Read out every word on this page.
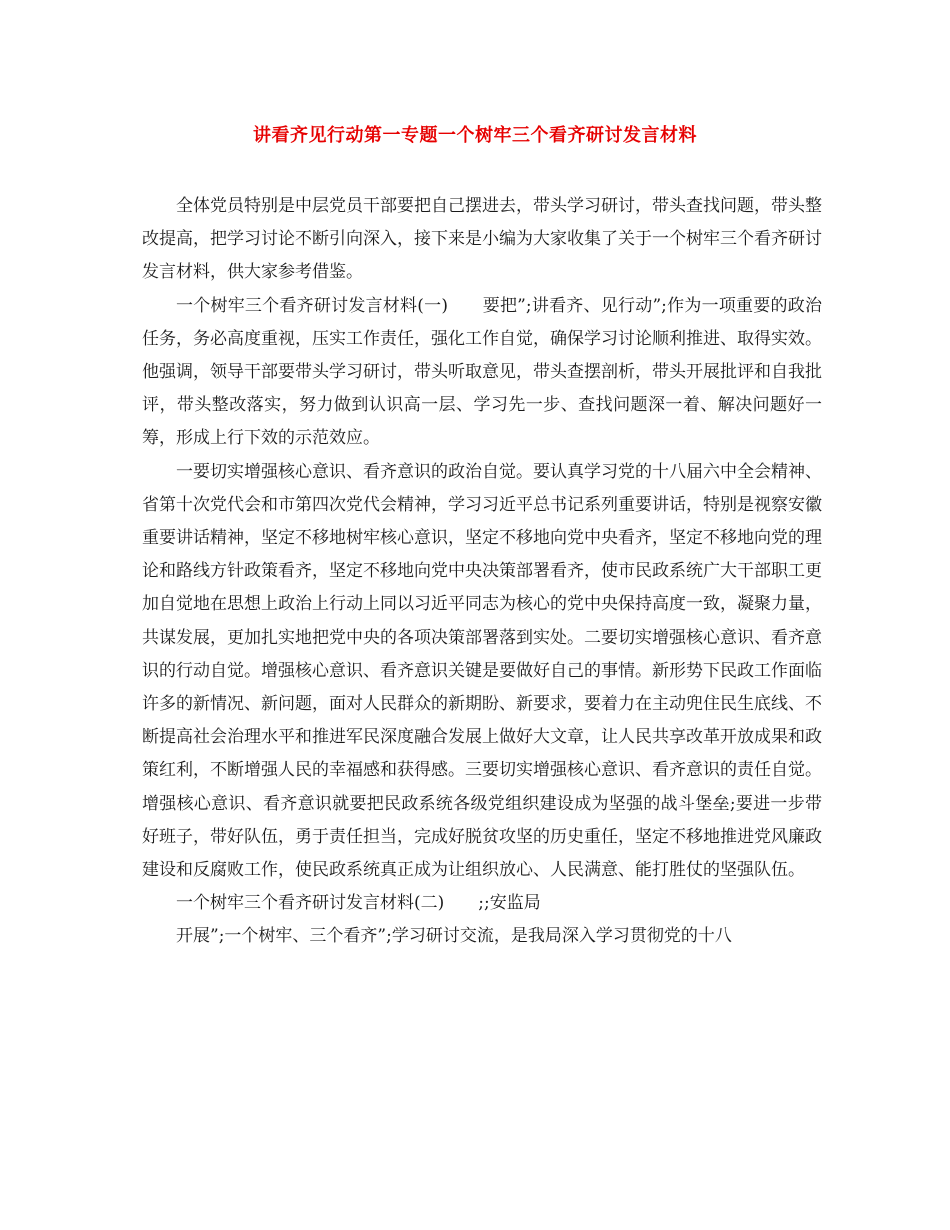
讲看齐见行动第一专题一个树牢三个看齐研讨发言材料

全体党员特别是中层党员干部要把自己摆进去，带头学习研讨，带头查找问题，带头整改提高，把学习讨论不断引向深入，接下来是小编为大家收集了关于一个树牢三个看齐研讨发言材料，供大家参考借鉴。

一个树牢三个看齐研讨发言材料(一)　　要把”;讲看齐、见行动”;作为一项重要的政治任务，务必高度重视，压实工作责任，强化工作自觉，确保学习讨论顺利推进、取得实效。他强调，领导干部要带头学习研讨，带头听取意见，带头查摆剖析，带头开展批评和自我批评，带头整改落实，努力做到认识高一层、学习先一步、查找问题深一着、解决问题好一筹，形成上行下效的示范效应。

一要切实增强核心意识、看齐意识的政治自觉。要认真学习党的十八届六中全会精神、省第十次党代会和市第四次党代会精神，学习习近平总书记系列重要讲话，特别是视察安徽重要讲话精神，坚定不移地树牢核心意识，坚定不移地向党中央看齐，坚定不移地向党的理论和路线方针政策看齐，坚定不移地向党中央决策部署看齐，使市民政系统广大干部职工更加自觉地在思想上政治上行动上同以习近平同志为核心的党中央保持高度一致，凝聚力量，共谋发展，更加扎实地把党中央的各项决策部署落到实处。二要切实增强核心意识、看齐意识的行动自觉。增强核心意识、看齐意识关键是要做好自己的事情。新形势下民政工作面临许多的新情况、新问题，面对人民群众的新期盼、新要求，要着力在主动兜住民生底线、不断提高社会治理水平和推进军民深度融合发展上做好大文章，让人民共享改革开放成果和政策红利，不断增强人民的幸福感和获得感。三要切实增强核心意识、看齐意识的责任自觉。

增强核心意识、看齐意识就要把民政系统各级党组织建设成为坚强的战斗堡垒;要进一步带好班子，带好队伍，勇于责任担当，完成好脱贫攻坚的历史重任，坚定不移地推进党风廉政建设和反腐败工作，使民政系统真正成为让组织放心、人民满意、能打胜仗的坚强队伍。

一个树牢三个看齐研讨发言材料(二)　　;;安监局

开展”;一个树牢、三个看齐”;学习研讨交流，是我局深入学习贯彻党的十八
